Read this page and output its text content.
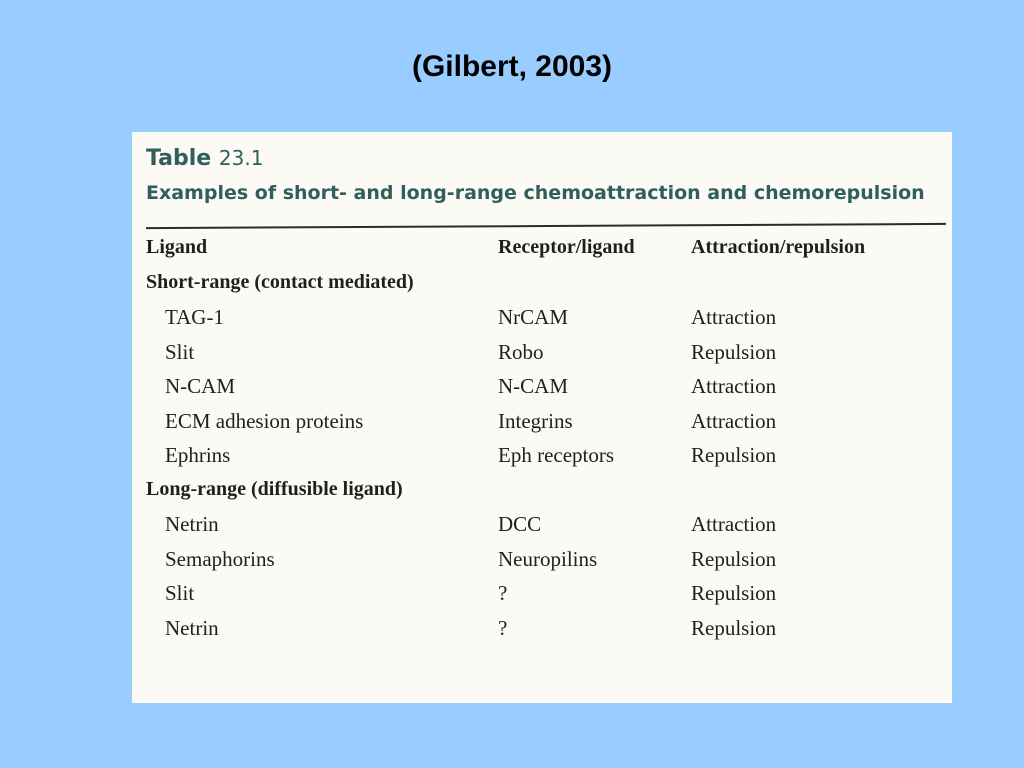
(Gilbert, 2003)
Table 23.1
Examples of short- and long-range chemoattraction and chemorepulsion
Ligand	Receptor/ligand	Attraction/repulsion
Short-range (contact mediated)
TAG-1	NrCAM	Attraction
Slit	Robo	Repulsion
N-CAM	N-CAM	Attraction
ECM adhesion proteins	Integrins	Attraction
Ephrins	Eph receptors	Repulsion
Long-range (diffusible ligand)
Netrin	DCC	Attraction
Semaphorins	Neuropilins	Repulsion
Slit	?	Repulsion
Netrin	?	Repulsion
